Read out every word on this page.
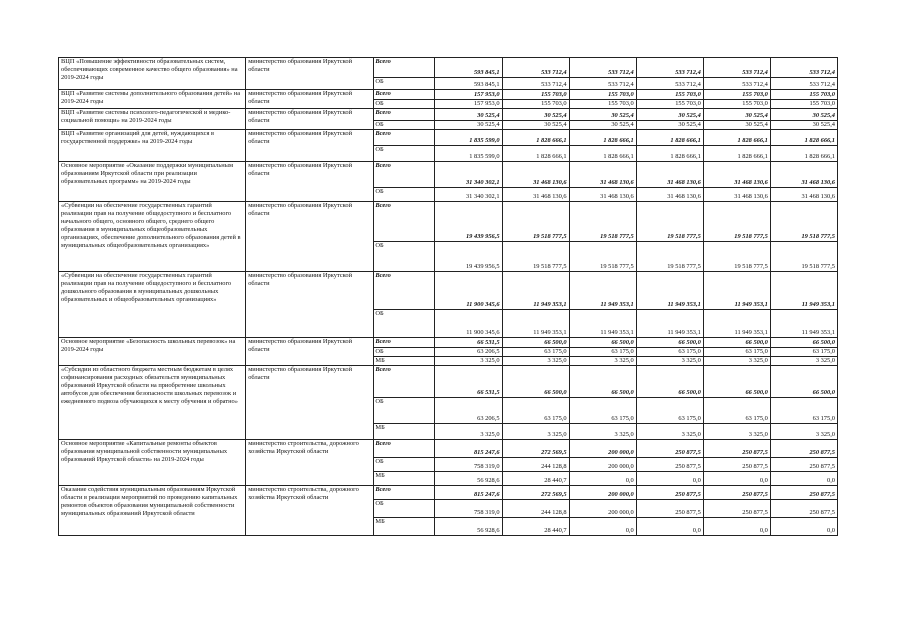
ВЦП «Повышение эффективности образовательных систем, обеспечивающих современное качество общего образования» на 2019-2024 годы	министерство образования Иркутской области	Всего	593 845,1	533 712,4	533 712,4	533 712,4	533 712,4	533 712,4

		ОБ	593 845,1	533 712,4	533 712,4	533 712,4	533 712,4	533 712,4
ВЦП «Развитие системы дополнительного образования детей» на 2019-2024 годы	министерство образования Иркутской области	Всего	157 953,0	155 703,0	155 703,0	155 703,0	155 703,0	155 703,0

		ОБ	157 953,0	155 703,0	155 703,0	155 703,0	155 703,0	155 703,0
ВЦП «Развитие системы психолого-педагогической и медико-социальной помощи» на 2019-2024 годы	министерство образования Иркутской области	Всего	30 525,4	30 525,4	30 525,4	30 525,4	30 525,4	30 525,4

		ОБ	30 525,4	30 525,4	30 525,4	30 525,4	30 525,4	30 525,4
ВЦП «Развитие организаций для детей, нуждающихся в государственной поддержке» на 2019-2024 годы	министерство образования Иркутской области	Всего	1 835 599,0	1 828 666,1	1 828 666,1	1 828 666,1	1 828 666,1	1 828 666,1

		ОБ	1 835 599,0	1 828 666,1	1 828 666,1	1 828 666,1	1 828 666,1	1 828 666,1
Основное мероприятие «Оказание поддержки муниципальным образованиям Иркутской области при реализации образовательных программ» на 2019-2024 годы	министерство образования Иркутской области	Всего	31 340 302,1	31 468 130,6	31 468 130,6	31 468 130,6	31 468 130,6	31 468 130,6

		ОБ	31 340 302,1	31 468 130,6	31 468 130,6	31 468 130,6	31 468 130,6	31 468 130,6
«Субвенции на обеспечение государственных гарантий реализации прав на получение общедоступного и бесплатного начального общего, основного общего, среднего общего образования в муниципальных общеобразовательных организациях, обеспечение дополнительного образования детей в муниципальных общеобразовательных организациях»	министерство образования Иркутской области	Всего	19 439 956,5	19 518 777,5	19 518 777,5	19 518 777,5	19 518 777,5	19 518 777,5

		ОБ	19 439 956,5	19 518 777,5	19 518 777,5	19 518 777,5	19 518 777,5	19 518 777,5
«Субвенции на обеспечение государственных гарантий реализации прав на получение общедоступного и бесплатного дошкольного образования в муниципальных дошкольных образовательных и общеобразовательных организациях»	министерство образования Иркутской области	Всего	11 900 345,6	11 949 353,1	11 949 353,1	11 949 353,1	11 949 353,1	11 949 353,1

		ОБ	11 900 345,6	11 949 353,1	11 949 353,1	11 949 353,1	11 949 353,1	11 949 353,1
Основное мероприятие «Безопасность школьных перевозок» на 2019-2024 годы	министерство образования Иркутской области	Всего	66 531,5	66 500,0	66 500,0	66 500,0	66 500,0	66 500,0

		ОБ	63 206,5	63 175,0	63 175,0	63 175,0	63 175,0	63 175,0

		МБ	3 325,0	3 325,0	3 325,0	3 325,0	3 325,0	3 325,0
«Субсидии из областного бюджета местным бюджетам в целях софинансирования расходных обязательств муниципальных образований Иркутской области на приобретение школьных автобусов для обеспечения безопасности школьных перевозок и ежедневного подвоза обучающихся к месту обучения и обратно»	министерство образования Иркутской области	Всего	66 531,5	66 500,0	66 500,0	66 500,0	66 500,0	66 500,0

		ОБ	63 206,5	63 175,0	63 175,0	63 175,0	63 175,0	63 175,0

		МБ	3 325,0	3 325,0	3 325,0	3 325,0	3 325,0	3 325,0
Основное мероприятие «Капитальные ремонты объектов образования муниципальной собственности муниципальных образований Иркутской области» на 2019-2024 годы	министерство строительства, дорожного хозяйства Иркутской области	Всего	815 247,6	272 569,5	200 000,0	250 877,5	250 877,5	250 877,5

		ОБ	758 319,0	244 128,8	200 000,0	250 877,5	250 877,5	250 877,5

		МБ	56 928,6	28 440,7	0,0	0,0	0,0	0,0
Оказание содействия муниципальным образованиям Иркутской области в реализации мероприятий по проведению капитальных ремонтов объектов образования муниципальной собственности муниципальных образований Иркутской области	министерство строительства, дорожного хозяйства Иркутской области	Всего	815 247,6	272 569,5	200 000,0	250 877,5	250 877,5	250 877,5

		ОБ	758 319,0	244 128,8	200 000,0	250 877,5	250 877,5	250 877,5

		МБ	56 928,6	28 440,7	0,0	0,0	0,0	0,0
